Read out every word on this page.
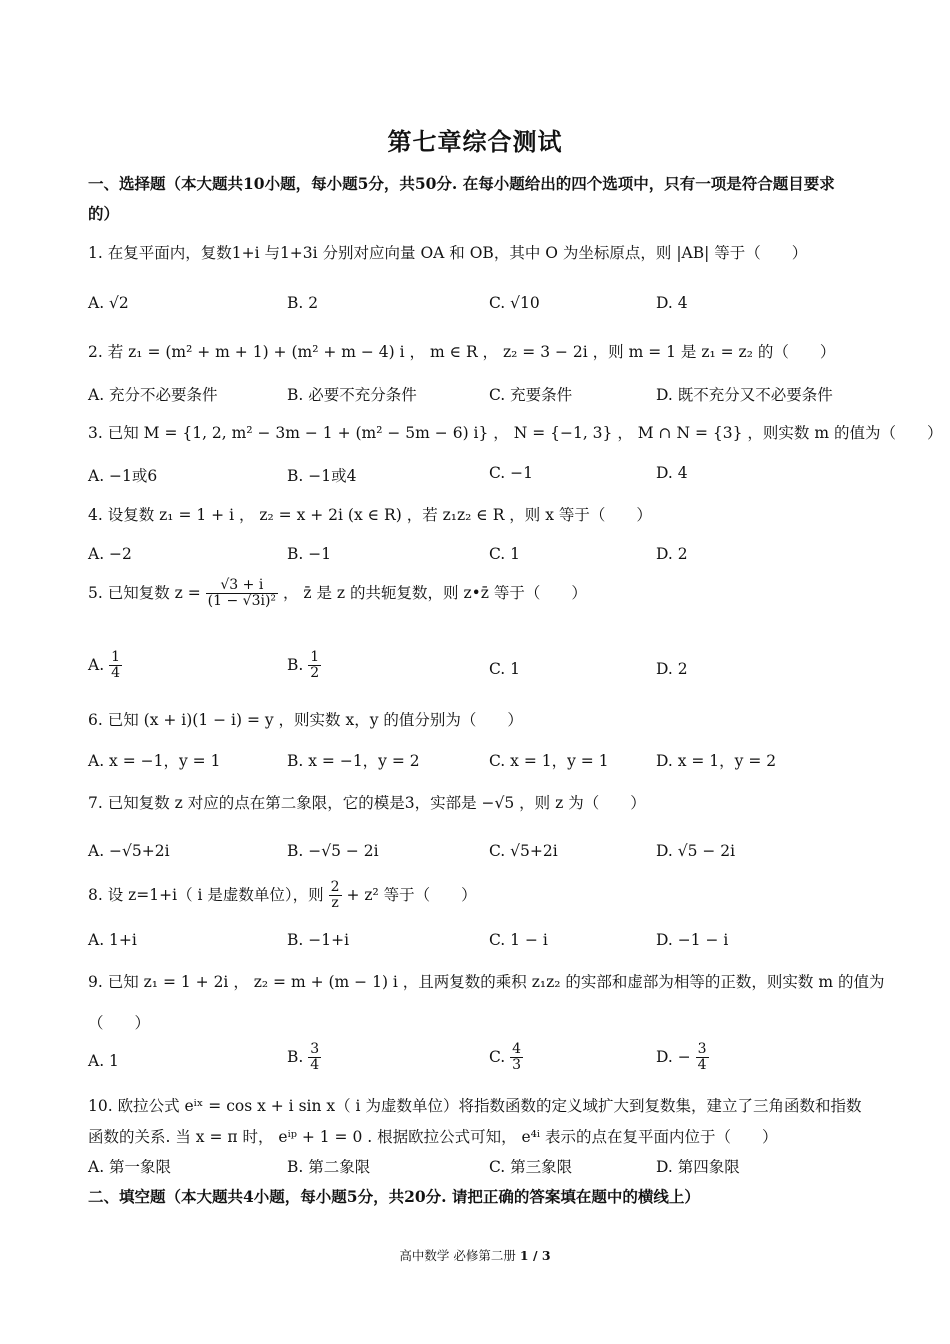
第七章综合测试
一、选择题（本大题共10小题，每小题5分，共50分. 在每小题给出的四个选项中，只有一项是符合题目要求
的）
1. 在复平面内，复数1+i 与1+3i 分别对应向量 OA 和 OB，其中 O 为坐标原点，则 |AB| 等于（　　）
A. √2	B. 2	C. √10	D. 4
2. 若 z₁ = (m² + m + 1) + (m² + m − 4) i ， m ∈ R ， z₂ = 3 − 2i ，则 m = 1 是 z₁ = z₂ 的（　　）
A. 充分不必要条件	B. 必要不充分条件	C. 充要条件	D. 既不充分又不必要条件
3. 已知 M = {1, 2, m² − 3m − 1 + (m² − 5m − 6) i} ， N = {−1, 3} ， M ∩ N = {3} ，则实数 m 的值为（　　）
A. −1或6	B. −1或4	C. −1	D. 4
4. 设复数 z₁ = 1 + i ， z₂ = x + 2i (x ∈ R) ，若 z₁z₂ ∈ R ，则 x 等于（　　）
A. −2	B. −1	C. 1	D. 2
5. 已知复数 $z = \frac{√3 + i}{\text{(1 − √3i)²}}$ ， z̄ 是 z 的共轭复数，则 z•z̄ 等于（　　）
A. $\frac{1}{4}$	B. $\frac{1}{2}$	C. 1	D. 2
6. 已知 (x + i)(1 − i) = y ，则实数 x，y 的值分别为（　　）
A. x = −1，y = 1	B. x = −1，y = 2	C. x = 1，y = 1	D. x = 1，y = 2
7. 已知复数 z 对应的点在第二象限，它的模是3，实部是 −√5 ，则 z 为（　　）
A. −√5+2i	B. −√5 − 2i	C. √5+2i	D. √5 − 2i
8. 设 z=1+i（ i 是虚数单位），则 $\frac{2}{z} + z^2$ 等于（　　）
A. 1+i	B. −1+i	C. 1 − i	D. −1 − i
9. 已知 z₁ = 1 + 2i ， z₂ = m + (m − 1) i ，且两复数的乘积 z₁z₂ 的实部和虚部为相等的正数，则实数 m 的值为
（　　）
A. 1	B. $\frac{3}{4}$	C. $\frac{4}{3}$	D. − $\frac{3}{4}$
10. 欧拉公式 eⁱˣ = cos x + i sin x（ i 为虚数单位）将指数函数的定义域扩大到复数集，建立了三角函数和指数
函数的关系. 当 x = π 时， eⁱᵖ + 1 = 0 . 根据欧拉公式可知， e⁴ⁱ 表示的点在复平面内位于（　　）
A. 第一象限	B. 第二象限	C. 第三象限	D. 第四象限
二、填空题（本大题共4小题，每小题5分，共20分. 请把正确的答案填在题中的横线上）
高中数学 必修第二册 1 / 3
